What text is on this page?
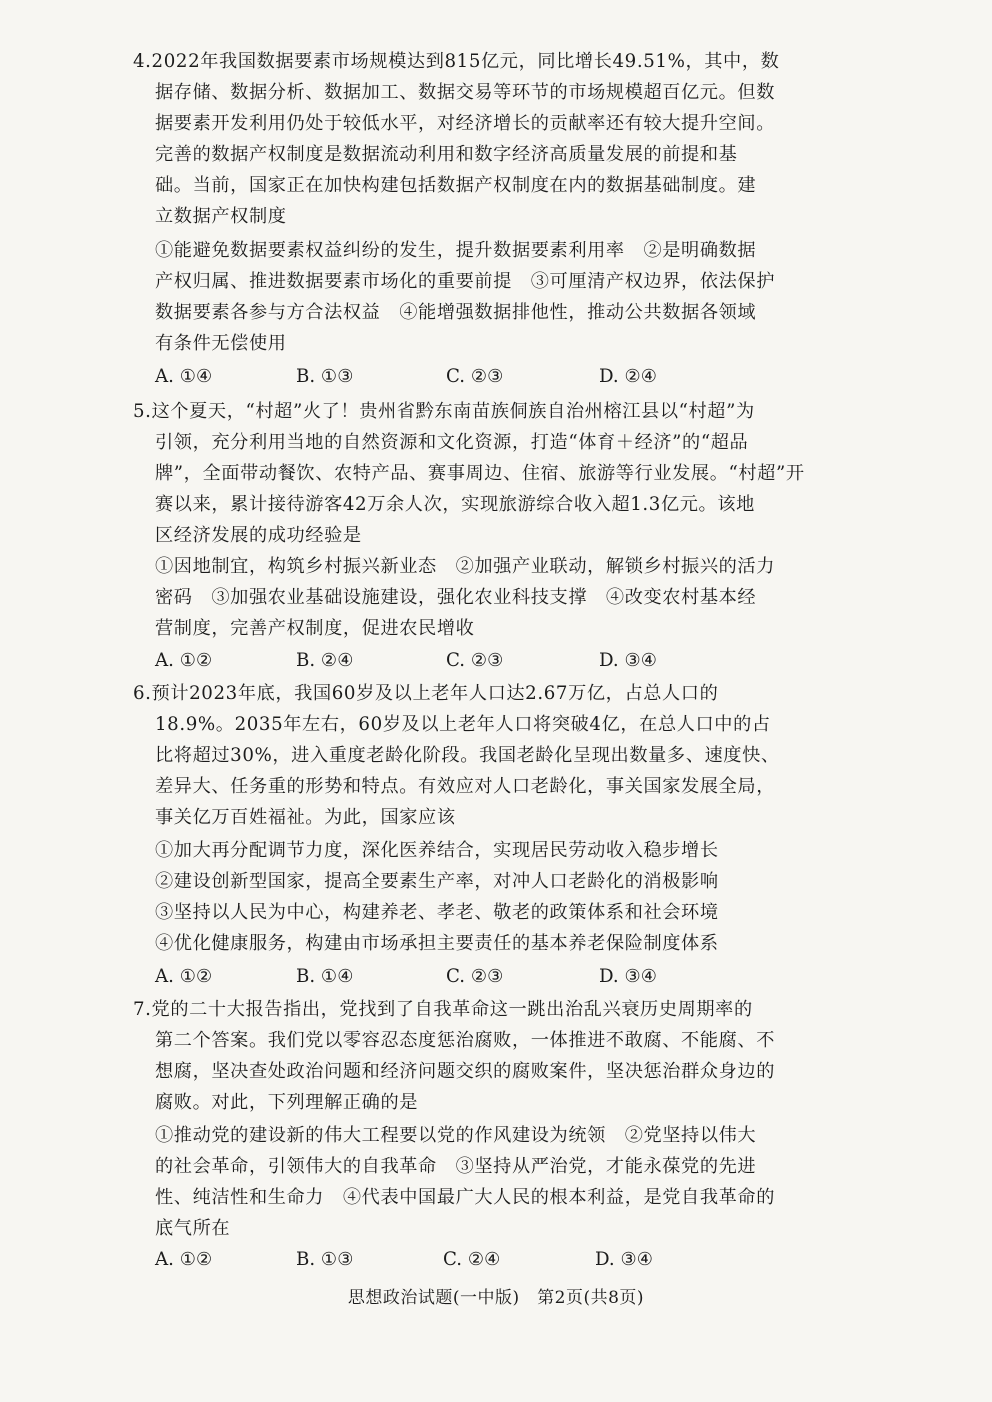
4.2022年我国数据要素市场规模达到815亿元，同比增长49.51%，其中，数
据存储、数据分析、数据加工、数据交易等环节的市场规模超百亿元。但数
据要素开发利用仍处于较低水平，对经济增长的贡献率还有较大提升空间。
完善的数据产权制度是数据流动利用和数字经济高质量发展的前提和基
础。当前，国家正在加快构建包括数据产权制度在内的数据基础制度。建
立数据产权制度
①能避免数据要素权益纠纷的发生，提升数据要素利用率　②是明确数据
产权归属、推进数据要素市场化的重要前提　③可厘清产权边界，依法保护
数据要素各参与方合法权益　④能增强数据排他性，推动公共数据各领域
有条件无偿使用
A. ①④	B. ①③	C. ②③	D. ②④
5.这个夏天，“村超”火了！贵州省黔东南苗族侗族自治州榕江县以“村超”为
引领，充分利用当地的自然资源和文化资源，打造“体育＋经济”的“超品
牌”，全面带动餐饮、农特产品、赛事周边、住宿、旅游等行业发展。“村超”开
赛以来，累计接待游客42万余人次，实现旅游综合收入超1.3亿元。该地
区经济发展的成功经验是
①因地制宜，构筑乡村振兴新业态　②加强产业联动，解锁乡村振兴的活力
密码　③加强农业基础设施建设，强化农业科技支撑　④改变农村基本经
营制度，完善产权制度，促进农民增收
A. ①②	B. ②④	C. ②③	D. ③④
6.预计2023年底，我国60岁及以上老年人口达2.67万亿，占总人口的
18.9%。2035年左右，60岁及以上老年人口将突破4亿，在总人口中的占
比将超过30%，进入重度老龄化阶段。我国老龄化呈现出数量多、速度快、
差异大、任务重的形势和特点。有效应对人口老龄化，事关国家发展全局，
事关亿万百姓福祉。为此，国家应该
①加大再分配调节力度，深化医养结合，实现居民劳动收入稳步增长
②建设创新型国家，提高全要素生产率，对冲人口老龄化的消极影响
③坚持以人民为中心，构建养老、孝老、敬老的政策体系和社会环境
④优化健康服务，构建由市场承担主要责任的基本养老保险制度体系
A. ①②	B. ①④	C. ②③	D. ③④
7.党的二十大报告指出，党找到了自我革命这一跳出治乱兴衰历史周期率的
第二个答案。我们党以零容忍态度惩治腐败，一体推进不敢腐、不能腐、不
想腐，坚决查处政治问题和经济问题交织的腐败案件，坚决惩治群众身边的
腐败。对此，下列理解正确的是
①推动党的建设新的伟大工程要以党的作风建设为统领　②党坚持以伟大
的社会革命，引领伟大的自我革命　③坚持从严治党，才能永葆党的先进
性、纯洁性和生命力　④代表中国最广大人民的根本利益，是党自我革命的
底气所在
A. ①②	B. ①③	C. ②④	D. ③④
思想政治试题(一中版)　第2页(共8页)
